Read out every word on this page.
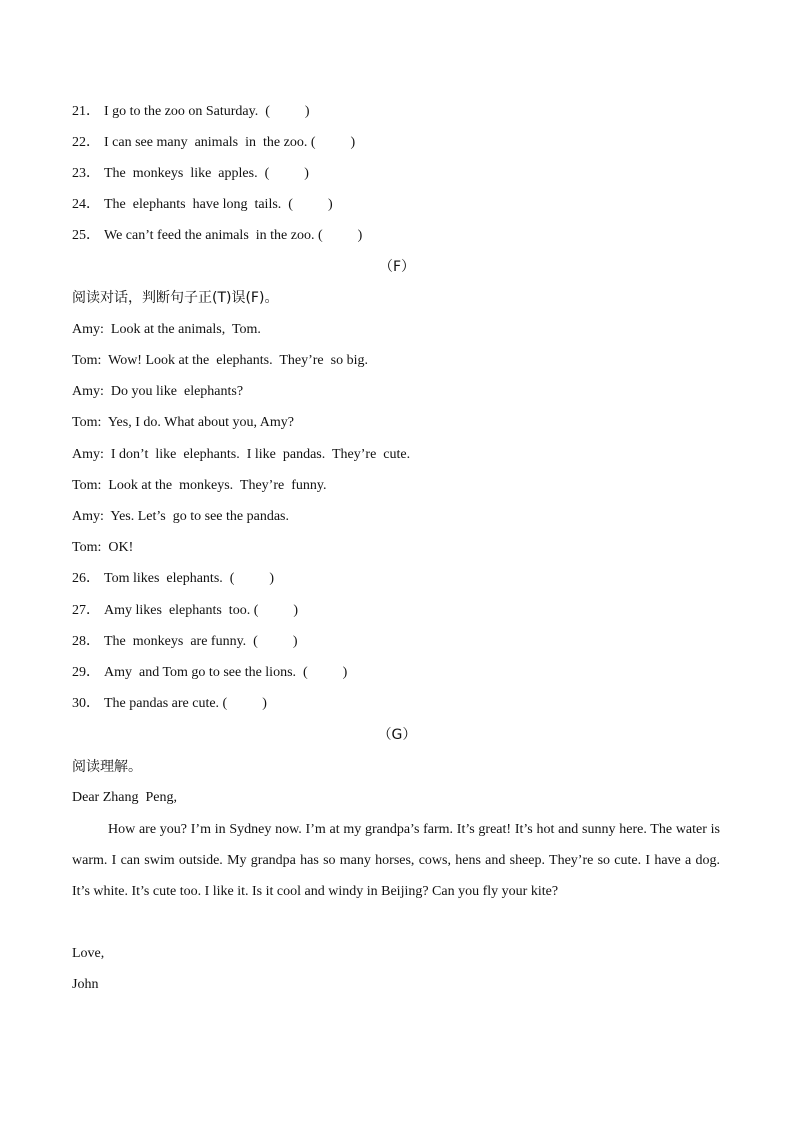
21． I go to the zoo on Saturday.  (          )
22． I can see many  animals  in  the zoo. (          )
23． The  monkeys  like  apples.  (          )
24． The  elephants  have long  tails.  (          )
25． We can’t feed the animals  in the zoo. (          )
（F）
阅读对话，判断句子正(T)误(F)。
Amy:  Look at the animals,  Tom.
Tom:  Wow! Look at the  elephants.  They’re  so big.
Amy:  Do you like  elephants?
Tom:  Yes, I do. What about you, Amy?
Amy:  I don’t  like  elephants.  I like  pandas.  They’re  cute.
Tom:  Look at the  monkeys.  They’re  funny.
Amy:  Yes. Let’s  go to see the pandas.
Tom:  OK!
26． Tom likes  elephants.  (          )
27． Amy likes  elephants  too. (          )
28． The  monkeys  are funny.  (          )
29． Amy  and Tom go to see the lions.  (          )
30． The pandas are cute. (          )
（G）
阅读理解。
Dear Zhang  Peng,
How are you? I’m in Sydney now. I’m at my grandpa’s farm. It’s great! It’s hot and sunny here. The water is warm. I can swim outside. My grandpa has so many horses, cows, hens and sheep. They’re so cute. I have a dog. It’s white. It’s cute too. I like it. Is it cool and windy in Beijing? Can you fly your kite?
Love,
John
